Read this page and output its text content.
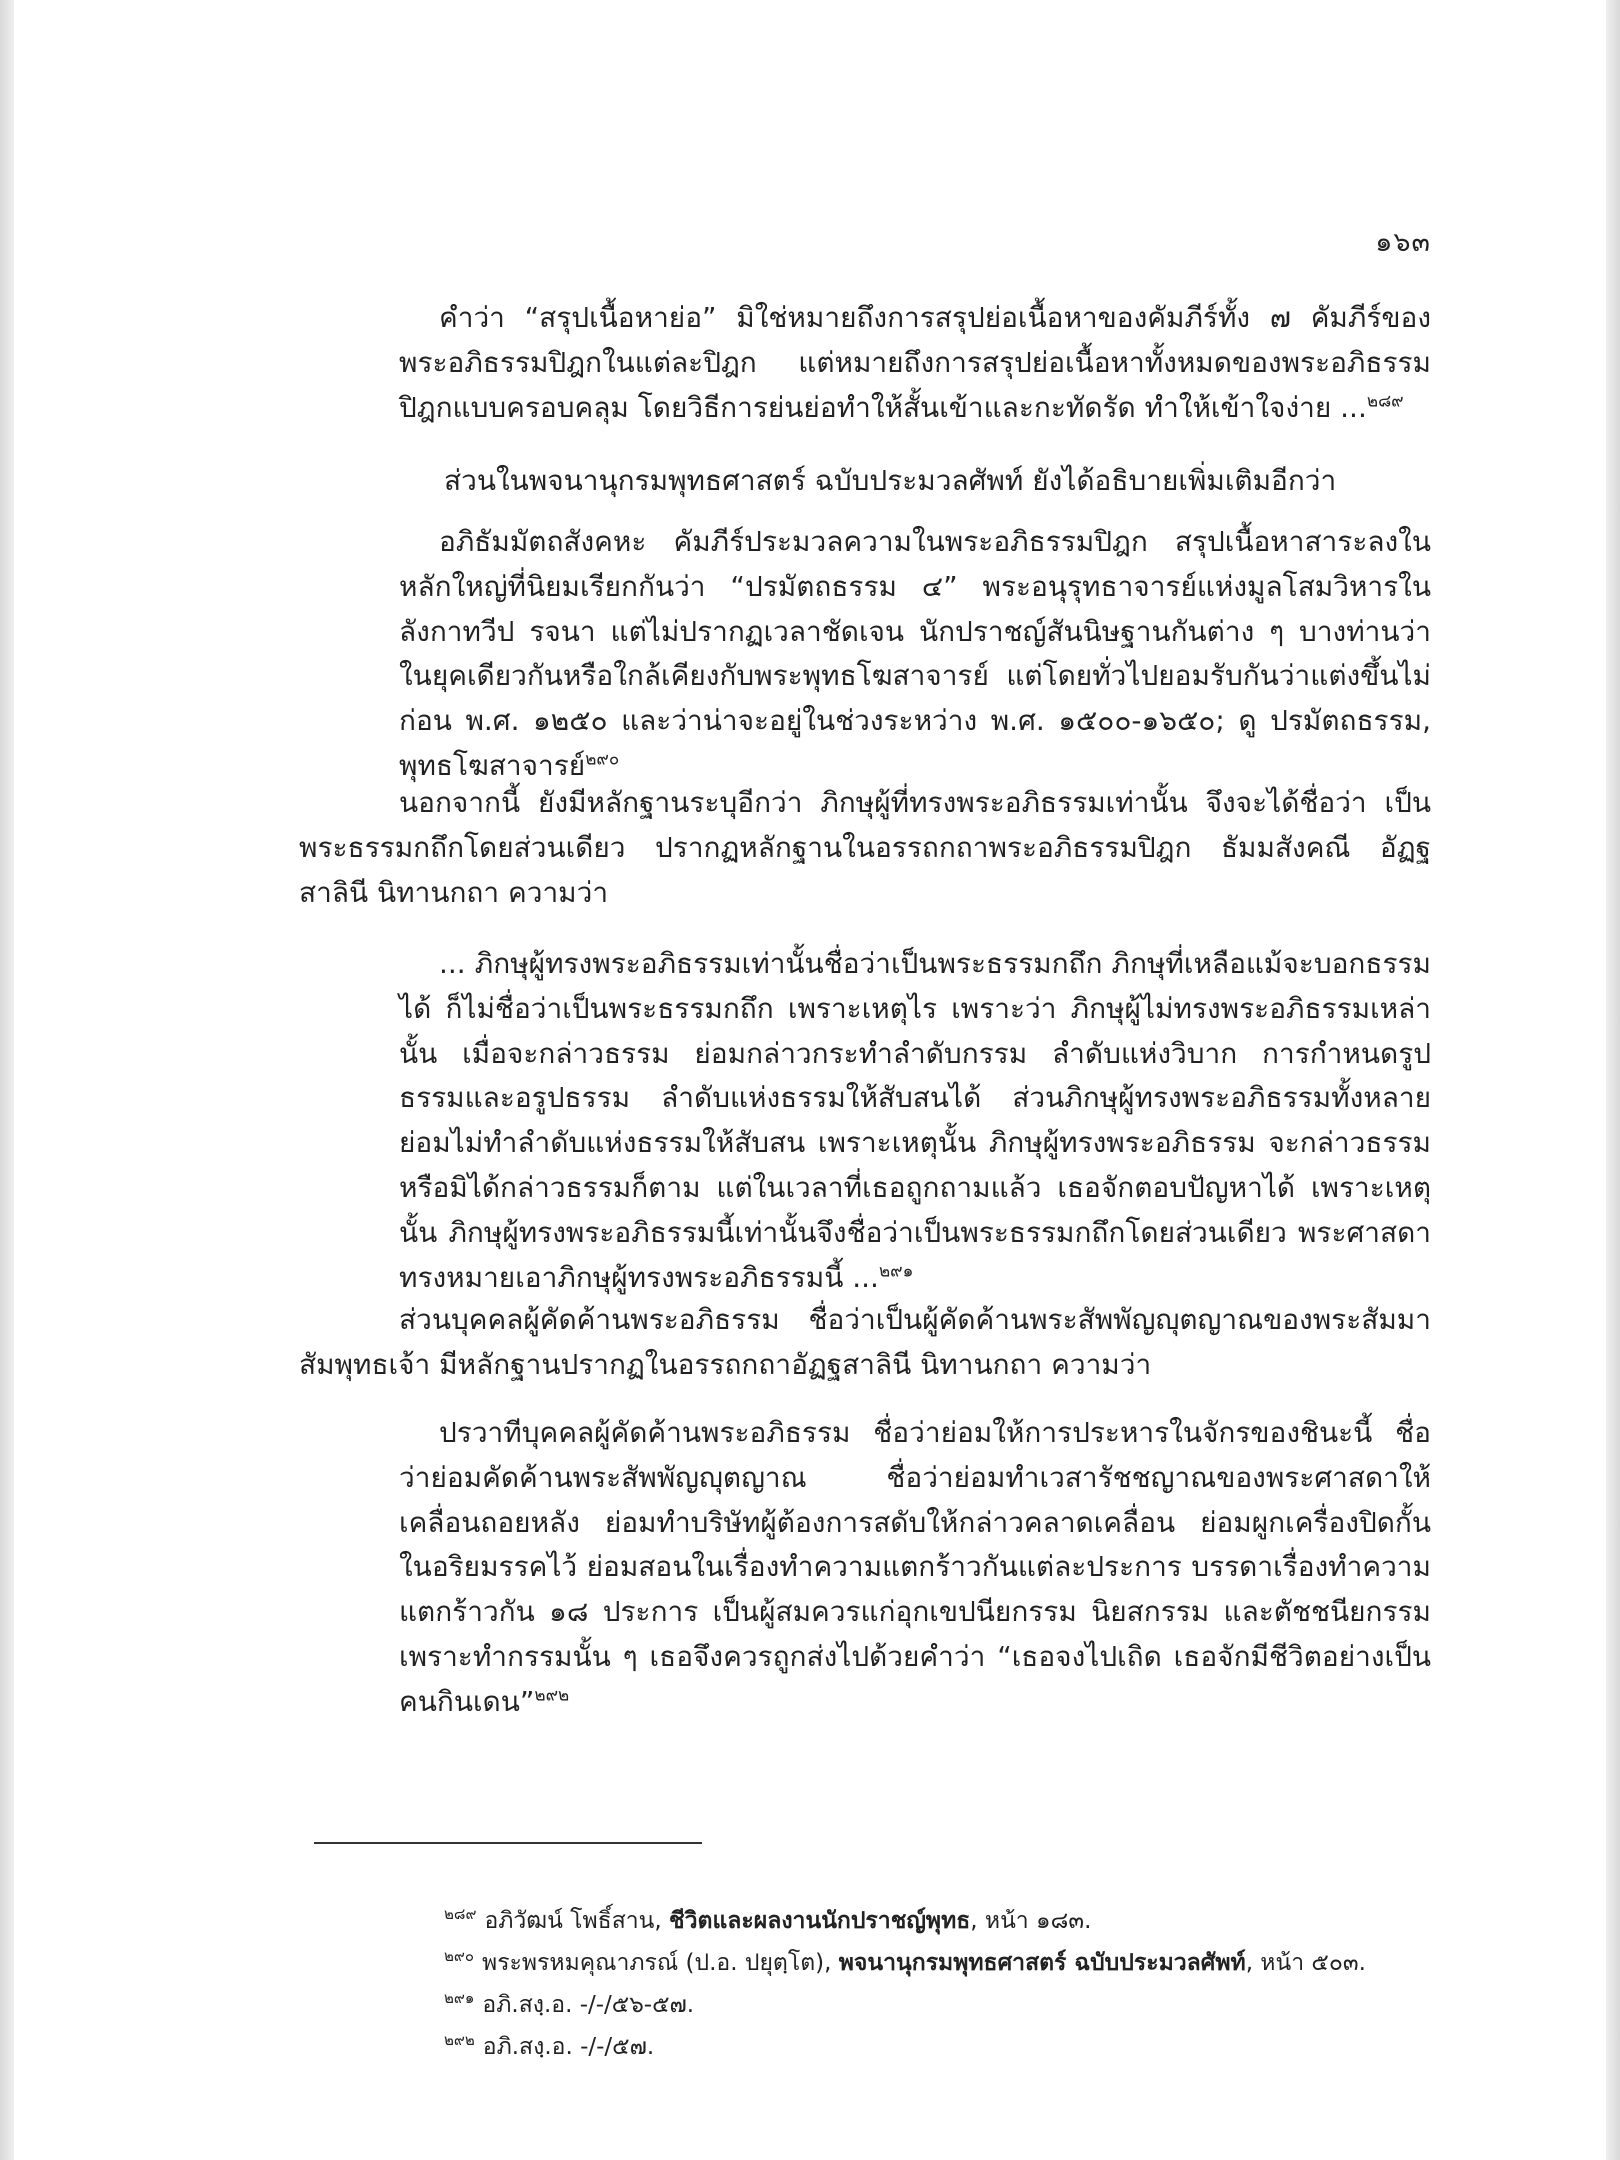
๑๖๓
คำว่า “สรุปเนื้อหาย่อ” มิใช่หมายถึงการสรุปย่อเนื้อหาของคัมภีร์ทั้ง ๗ คัมภีร์ของพระอภิธรรมปิฎกในแต่ละปิฎก แต่หมายถึงการสรุปย่อเนื้อหาทั้งหมดของพระอภิธรรมปิฎกแบบครอบคลุม โดยวิธีการย่นย่อทำให้สั้นเข้าและกะทัดรัด ทำให้เข้าใจง่าย ...$^{๒๘๙}$
ส่วนในพจนานุกรมพุทธศาสตร์ ฉบับประมวลศัพท์ ยังได้อธิบายเพิ่มเติมอีกว่า
อภิธัมมัตถสังคหะ คัมภีร์ประมวลความในพระอภิธรรมปิฎก สรุปเนื้อหาสาระลงในหลักใหญ่ที่นิยมเรียกกันว่า “ปรมัตถธรรม ๔” พระอนุรุทธาจารย์แห่งมูลโสมวิหารในลังกาทวีป รจนา แต่ไม่ปรากฏเวลาชัดเจน นักปราชญ์สันนิษฐานกันต่าง ๆ บางท่านว่าในยุคเดียวกันหรือใกล้เคียงกับพระพุทธโฆสาจารย์ แต่โดยทั่วไปยอมรับกันว่าแต่งขึ้นไม่ก่อน พ.ศ. ๑๒๕๐ และว่าน่าจะอยู่ในช่วงระหว่าง พ.ศ. ๑๕๐๐-๑๖๕๐; ดู ปรมัตถธรรม, พุทธโฆสาจารย์$^{๒๙๐}$
นอกจากนี้ ยังมีหลักฐานระบุอีกว่า ภิกษุผู้ที่ทรงพระอภิธรรมเท่านั้น จึงจะได้ชื่อว่า เป็นพระธรรมกถึกโดยส่วนเดียว ปรากฏหลักฐานในอรรถกถาพระอภิธรรมปิฎก ธัมมสังคณี อัฏฐสาลินี นิทานกถา ความว่า
... ภิกษุผู้ทรงพระอภิธรรมเท่านั้นชื่อว่าเป็นพระธรรมกถึก ภิกษุที่เหลือแม้จะบอกธรรมได้ ก็ไม่ชื่อว่าเป็นพระธรรมกถึก เพราะเหตุไร เพราะว่า ภิกษุผู้ไม่ทรงพระอภิธรรมเหล่านั้น เมื่อจะกล่าวธรรม ย่อมกล่าวกระทำลำดับกรรม ลำดับแห่งวิบาก การกำหนดรูปธรรมและอรูปธรรม ลำดับแห่งธรรมให้สับสนได้ ส่วนภิกษุผู้ทรงพระอภิธรรมทั้งหลาย ย่อมไม่ทำลำดับแห่งธรรมให้สับสน เพราะเหตุนั้น ภิกษุผู้ทรงพระอภิธรรม จะกล่าวธรรมหรือมิได้กล่าวธรรมก็ตาม แต่ในเวลาที่เธอถูกถามแล้ว เธอจักตอบปัญหาได้ เพราะเหตุนั้น ภิกษุผู้ทรงพระอภิธรรมนี้เท่านั้นจึงชื่อว่าเป็นพระธรรมกถึกโดยส่วนเดียว พระศาสดาทรงหมายเอาภิกษุผู้ทรงพระอภิธรรมนี้ ...$^{๒๙๑}$
ส่วนบุคคลผู้คัดค้านพระอภิธรรม ชื่อว่าเป็นผู้คัดค้านพระสัพพัญญุตญาณของพระสัมมาสัมพุทธเจ้า มีหลักฐานปรากฏในอรรถกถาอัฏฐสาลินี นิทานกถา ความว่า
ปรวาทีบุคคลผู้คัดค้านพระอภิธรรม ชื่อว่าย่อมให้การประหารในจักรของชินะนี้ ชื่อว่าย่อมคัดค้านพระสัพพัญญุตญาณ ชื่อว่าย่อมทำเวสารัชชญาณของพระศาสดาให้เคลื่อนถอยหลัง ย่อมทำบริษัทผู้ต้องการสดับให้กล่าวคลาดเคลื่อน ย่อมผูกเครื่องปิดกั้นในอริยมรรคไว้ ย่อมสอนในเรื่องทำความแตกร้าวกันแต่ละประการ บรรดาเรื่องทำความแตกร้าวกัน ๑๘ ประการ เป็นผู้สมควรแก่อุกเขปนียกรรม นิยสกรรม และตัชชนียกรรม เพราะทำกรรมนั้น ๆ เธอจึงควรถูกส่งไปด้วยคำว่า “เธอจงไปเถิด เธอจักมีชีวิตอย่างเป็นคนกินเดน”$^{๒๙๒}$
$^{๒๘๙}$ อภิวัฒน์ โพธิ์สาน, ชีวิตและผลงานนักปราชญ์พุทธ, หน้า ๑๘๓.
$^{๒๙๐}$ พระพรหมคุณาภรณ์ (ป.อ. ปยุตฺโต), พจนานุกรมพุทธศาสตร์ ฉบับประมวลศัพท์, หน้า ๕๐๓.
$^{๒๙๑}$ อภิ.สงฺ.อ. -/-/๕๖-๕๗.
$^{๒๙๒}$ อภิ.สงฺ.อ. -/-/๕๗.
